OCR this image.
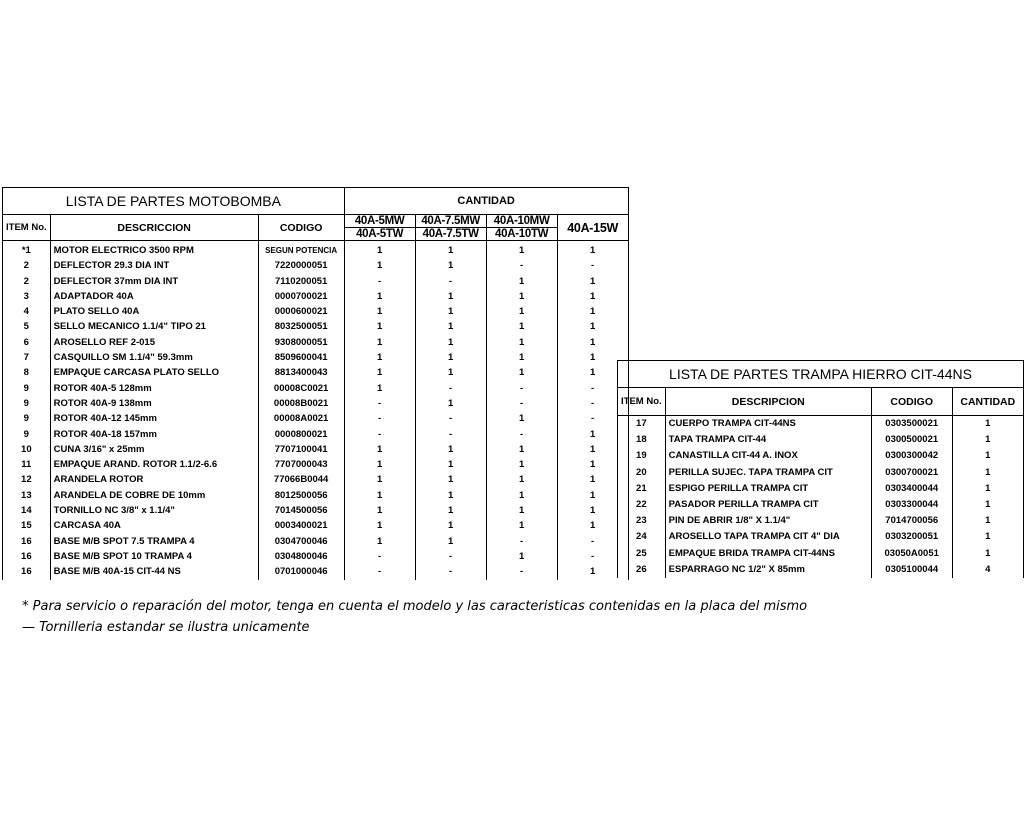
LISTA DE PARTES MOTOBOMBA			CANTIDAD			
ITEM No.	DESCRICCION	CODIGO	40A-5MW	40A-7.5MW	40A-10MW	40A-15W
			40A-5TW	40A-7.5TW	40A-10TW	
*1	MOTOR ELECTRICO 3500 RPM	SEGUN POTENCIA	1	1	1	1
2	DEFLECTOR 29.3 DIA INT	7220000051	1	1	-	-
2	DEFLECTOR 37mm DIA INT	7110200051	-	-	1	1
3	ADAPTADOR 40A	0000700021	1	1	1	1
4	PLATO SELLO 40A	0000600021	1	1	1	1
5	SELLO MECANICO 1.1/4" TIPO 21	8032500051	1	1	1	1
6	AROSELLO REF 2-015	9308000051	1	1	1	1
7	CASQUILLO SM 1.1/4" 59.3mm	8509600041	1	1	1	1
8	EMPAQUE CARCASA PLATO SELLO	8813400043	1	1	1	1
9	ROTOR 40A-5 128mm	00008C0021	1	-	-	-
9	ROTOR 40A-9 138mm	00008B0021	-	1	-	-
9	ROTOR 40A-12 145mm	00008A0021	-	-	1	-
9	ROTOR 40A-18 157mm	0000800021	-	-	-	1
10	CUNA 3/16" x 25mm	7707100041	1	1	1	1
11	EMPAQUE ARAND. ROTOR 1.1/2-6.6	7707000043	1	1	1	1
12	ARANDELA ROTOR	77066B0044	1	1	1	1
13	ARANDELA DE COBRE DE 10mm	8012500056	1	1	1	1
14	TORNILLO NC 3/8" x 1.1/4"	7014500056	1	1	1	1
15	CARCASA 40A	0003400021	1	1	1	1
16	BASE M/B SPOT 7.5 TRAMPA 4	0304700046	1	1	-	-
16	BASE M/B SPOT 10 TRAMPA 4	0304800046	-	-	1	-
16	BASE M/B 40A-15 CIT-44 NS	0701000046	-	-	-	1
LISTA DE PARTES TRAMPA HIERRO CIT-44NS			
ITEM No.	DESCRIPCION	CODIGO	CANTIDAD
17	CUERPO TRAMPA CIT-44NS	0303500021	1
18	TAPA TRAMPA CIT-44	0300500021	1
19	CANASTILLA CIT-44 A. INOX	0300300042	1
20	PERILLA SUJEC. TAPA TRAMPA CIT	0300700021	1
21	ESPIGO PERILLA TRAMPA CIT	0303400044	1
22	PASADOR PERILLA TRAMPA CIT	0303300044	1
23	PIN DE ABRIR 1/8" X 1.1/4"	7014700056	1
24	AROSELLO TAPA TRAMPA CIT 4" DIA	0303200051	1
25	EMPAQUE BRIDA TRAMPA CIT-44NS	03050A0051	1
26	ESPARRAGO NC 1/2" X 85mm	0305100044	4
* Para servicio o reparación del motor, tenga en cuenta el modelo y las caracteristicas contenidas en la placa del mismo
— Tornilleria estandar se ilustra unicamente
